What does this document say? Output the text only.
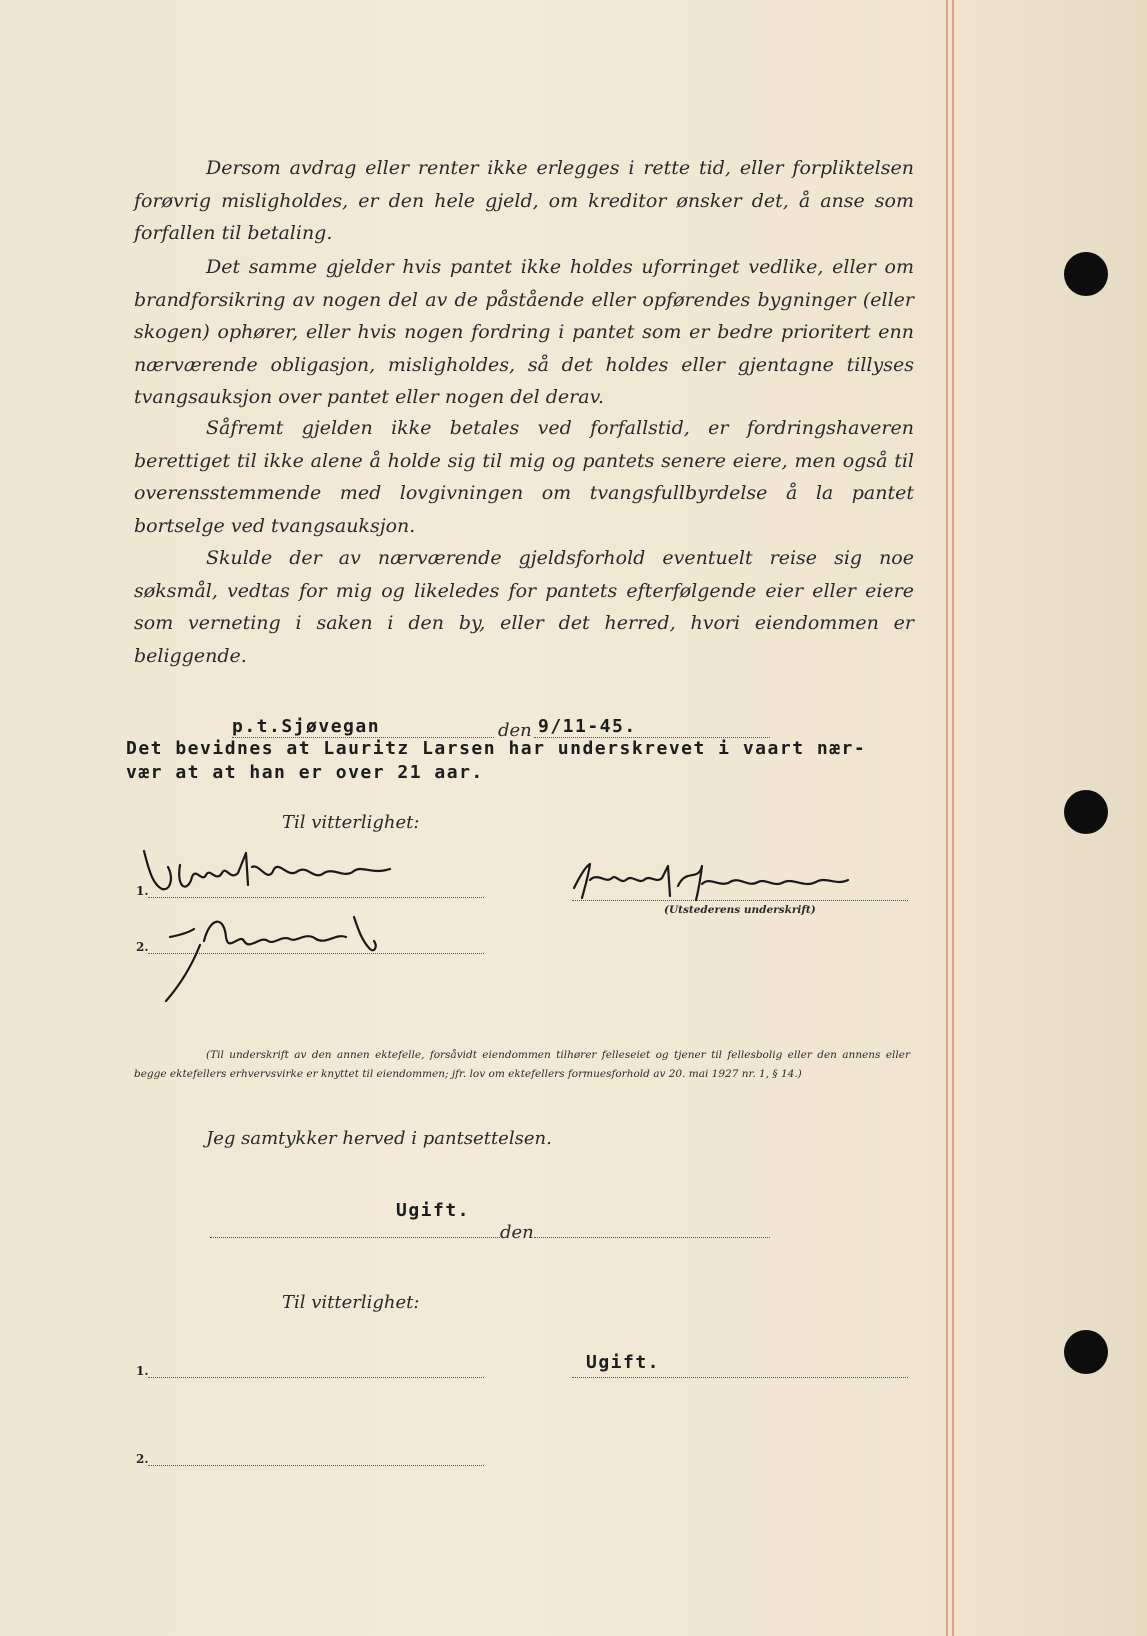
Dersom avdrag eller renter ikke erlegges i rette tid, eller forpliktelsen forøvrig misligholdes, er den hele gjeld, om kreditor ønsker det, å anse som forfallen til betaling.

Det samme gjelder hvis pantet ikke holdes uforringet vedlike, eller om brandforsikring av nogen del av de påstående eller opførendes bygninger (eller skogen) ophører, eller hvis nogen fordring i pantet som er bedre prioritert enn nærværende obligasjon, misligholdes, så det holdes eller gjentagne tillyses tvangsauksjon over pantet eller nogen del derav.

Såfremt gjelden ikke betales ved forfallstid, er fordringshaveren berettiget til ikke alene å holde sig til mig og pantets senere eiere, men også til overensstemmende med lovgivningen om tvangsfullbyrdelse å la pantet bortselge ved tvangsauksjon.

Skulde der av nærværende gjeldsforhold eventuelt reise sig noe søksmål, vedtas for mig og likeledes for pantets efterfølgende eier eller eiere som verneting i saken i den by, eller det herred, hvori eiendommen er beliggende.

p.t.Sjøvegan	den 9/11-45.
Det bevidnes at Lauritz Larsen har underskrevet i vaart nær-
vær at at han er over 21 aar.
Til vitterlighet:
1.
2.
(Utstederens underskrift)

(Til underskrift av den annen ektefelle, forsåvidt eiendommen tilhører felleseiet og tjener til fellesbolig eller den annens eller begge ektefellers erhvervsvirke er knyttet til eiendommen; jfr. lov om ektefellers formuesforhold av 20. mai 1927 nr. 1, § 14.)

Jeg samtykker herved i pantsettelsen.
Ugift.
den
Til vitterlighet:
1.	Ugift.
2.
